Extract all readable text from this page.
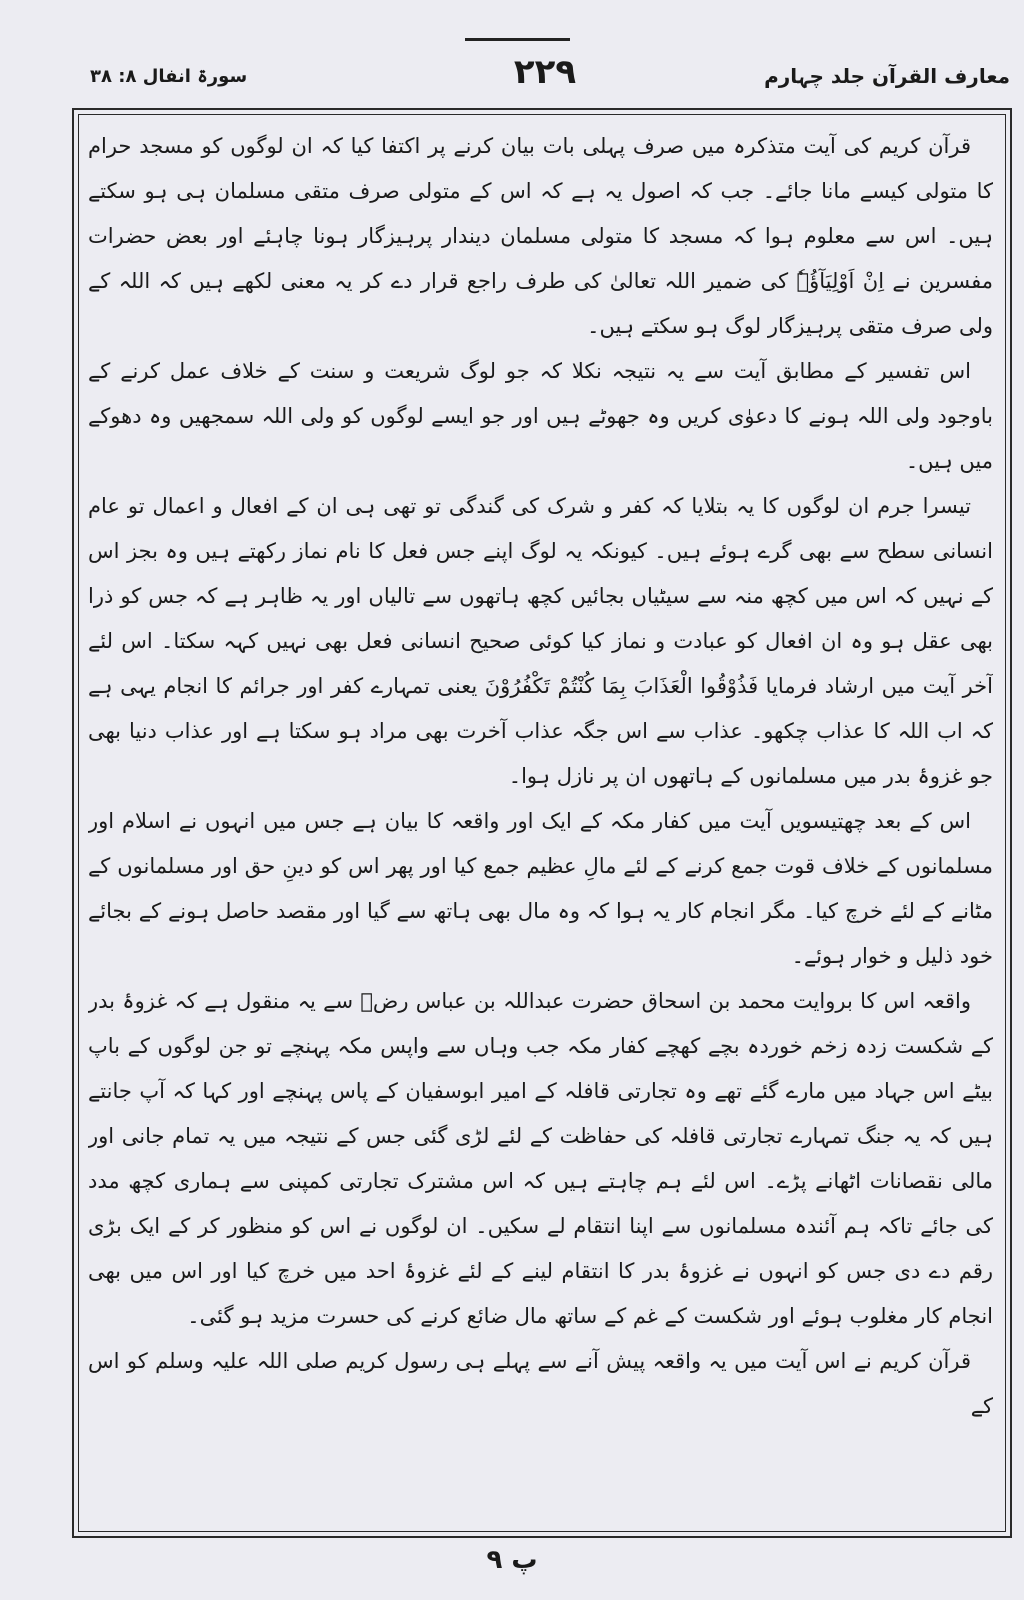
معارف القرآن جلد چہارم
۲۲۹
سورۃ انفال ۸: ۳۸

قرآن کریم کی آیت متذکرہ میں صرف پہلی بات بیان کرنے پر اکتفا کیا کہ ان لوگوں کو مسجد حرام کا متولی کیسے مانا جائے۔ جب کہ اصول یہ ہے کہ اس کے متولی صرف متقی مسلمان ہی ہو سکتے ہیں۔ اس سے معلوم ہوا کہ مسجد کا متولی مسلمان دیندار پرہیزگار ہونا چاہئے اور بعض حضرات مفسرین نے اِنْ اَوْلِیَآؤُہٗ کی ضمیر اللہ تعالیٰ کی طرف راجع قرار دے کر یہ معنی لکھے ہیں کہ اللہ کے ولی صرف متقی پرہیزگار لوگ ہو سکتے ہیں۔

اس تفسیر کے مطابق آیت سے یہ نتیجہ نکلا کہ جو لوگ شریعت و سنت کے خلاف عمل کرنے کے باوجود ولی اللہ ہونے کا دعوٰی کریں وہ جھوٹے ہیں اور جو ایسے لوگوں کو ولی اللہ سمجھیں وہ دھوکے میں ہیں۔

تیسرا جرم ان لوگوں کا یہ بتلایا کہ کفر و شرک کی گندگی تو تھی ہی ان کے افعال و اعمال تو عام انسانی سطح سے بھی گرے ہوئے ہیں۔ کیونکہ یہ لوگ اپنے جس فعل کا نام نماز رکھتے ہیں وہ بجز اس کے نہیں کہ اس میں کچھ منہ سے سیٹیاں بجائیں کچھ ہاتھوں سے تالیاں اور یہ ظاہر ہے کہ جس کو ذرا بھی عقل ہو وہ ان افعال کو عبادت و نماز کیا کوئی صحیح انسانی فعل بھی نہیں کہہ سکتا۔ اس لئے آخر آیت میں ارشاد فرمایا فَذُوْقُوا الْعَذَابَ بِمَا كُنْتُمْ تَكْفُرُوْنَ یعنی تمہارے کفر اور جرائم کا انجام یہی ہے کہ اب اللہ کا عذاب چکھو۔ عذاب سے اس جگہ عذاب آخرت بھی مراد ہو سکتا ہے اور عذاب دنیا بھی جو غزوۂ بدر میں مسلمانوں کے ہاتھوں ان پر نازل ہوا۔

اس کے بعد چھتیسویں آیت میں کفار مکہ کے ایک اور واقعہ کا بیان ہے جس میں انہوں نے اسلام اور مسلمانوں کے خلاف قوت جمع کرنے کے لئے مالِ عظیم جمع کیا اور پھر اس کو دینِ حق اور مسلمانوں کے مٹانے کے لئے خرچ کیا۔ مگر انجام کار یہ ہوا کہ وہ مال بھی ہاتھ سے گیا اور مقصد حاصل ہونے کے بجائے خود ذلیل و خوار ہوئے۔

واقعہ اس کا بروایت محمد بن اسحاق حضرت عبداللہ بن عباس رضؓ سے یہ منقول ہے کہ غزوۂ بدر کے شکست زدہ زخم خوردہ بچے کھچے کفار مکہ جب وہاں سے واپس مکہ پہنچے تو جن لوگوں کے باپ بیٹے اس جہاد میں مارے گئے تھے وہ تجارتی قافلہ کے امیر ابوسفیان کے پاس پہنچے اور کہا کہ آپ جانتے ہیں کہ یہ جنگ تمہارے تجارتی قافلہ کی حفاظت کے لئے لڑی گئی جس کے نتیجہ میں یہ تمام جانی اور مالی نقصانات اٹھانے پڑے۔ اس لئے ہم چاہتے ہیں کہ اس مشترک تجارتی کمپنی سے ہماری کچھ مدد کی جائے تاکہ ہم آئندہ مسلمانوں سے اپنا انتقام لے سکیں۔ ان لوگوں نے اس کو منظور کر کے ایک بڑی رقم دے دی جس کو انہوں نے غزوۂ بدر کا انتقام لینے کے لئے غزوۂ احد میں خرچ کیا اور اس میں بھی انجام کار مغلوب ہوئے اور شکست کے غم کے ساتھ مال ضائع کرنے کی حسرت مزید ہو گئی۔

قرآن کریم نے اس آیت میں یہ واقعہ پیش آنے سے پہلے ہی رسول کریم صلی اللہ علیہ وسلم کو اس کے

پ ۹
